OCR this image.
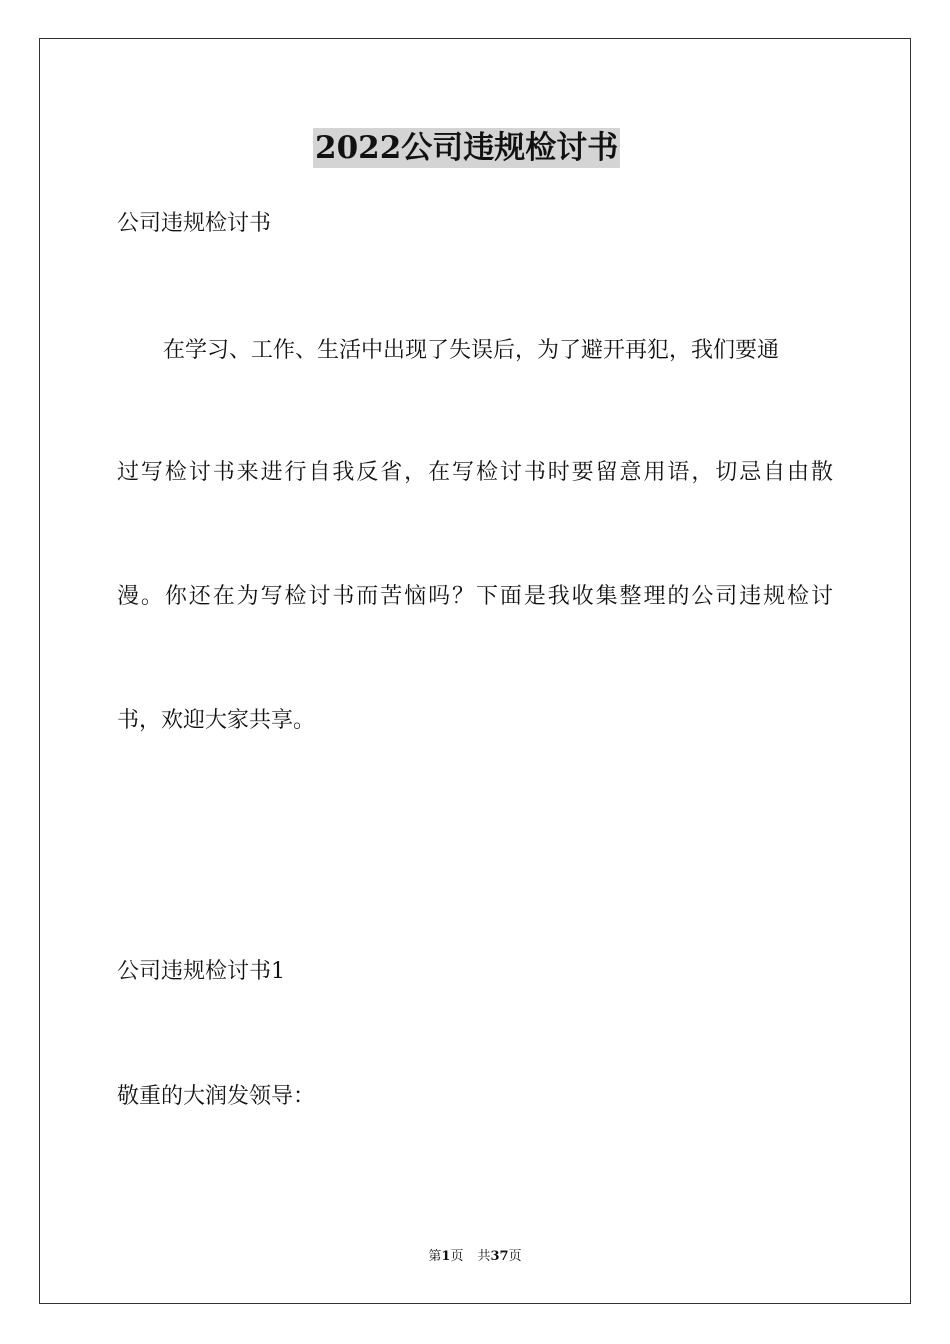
2022公司违规检讨书
公司违规检讨书
在学习、工作、生活中出现了失误后，为了避开再犯，我们要通
过写检讨书来进行自我反省，在写检讨书时要留意用语，切忌自由散
漫。你还在为写检讨书而苦恼吗？下面是我收集整理的公司违规检讨
书，欢迎大家共享。
公司违规检讨书1
敬重的大润发领导：
第1页 共37页
